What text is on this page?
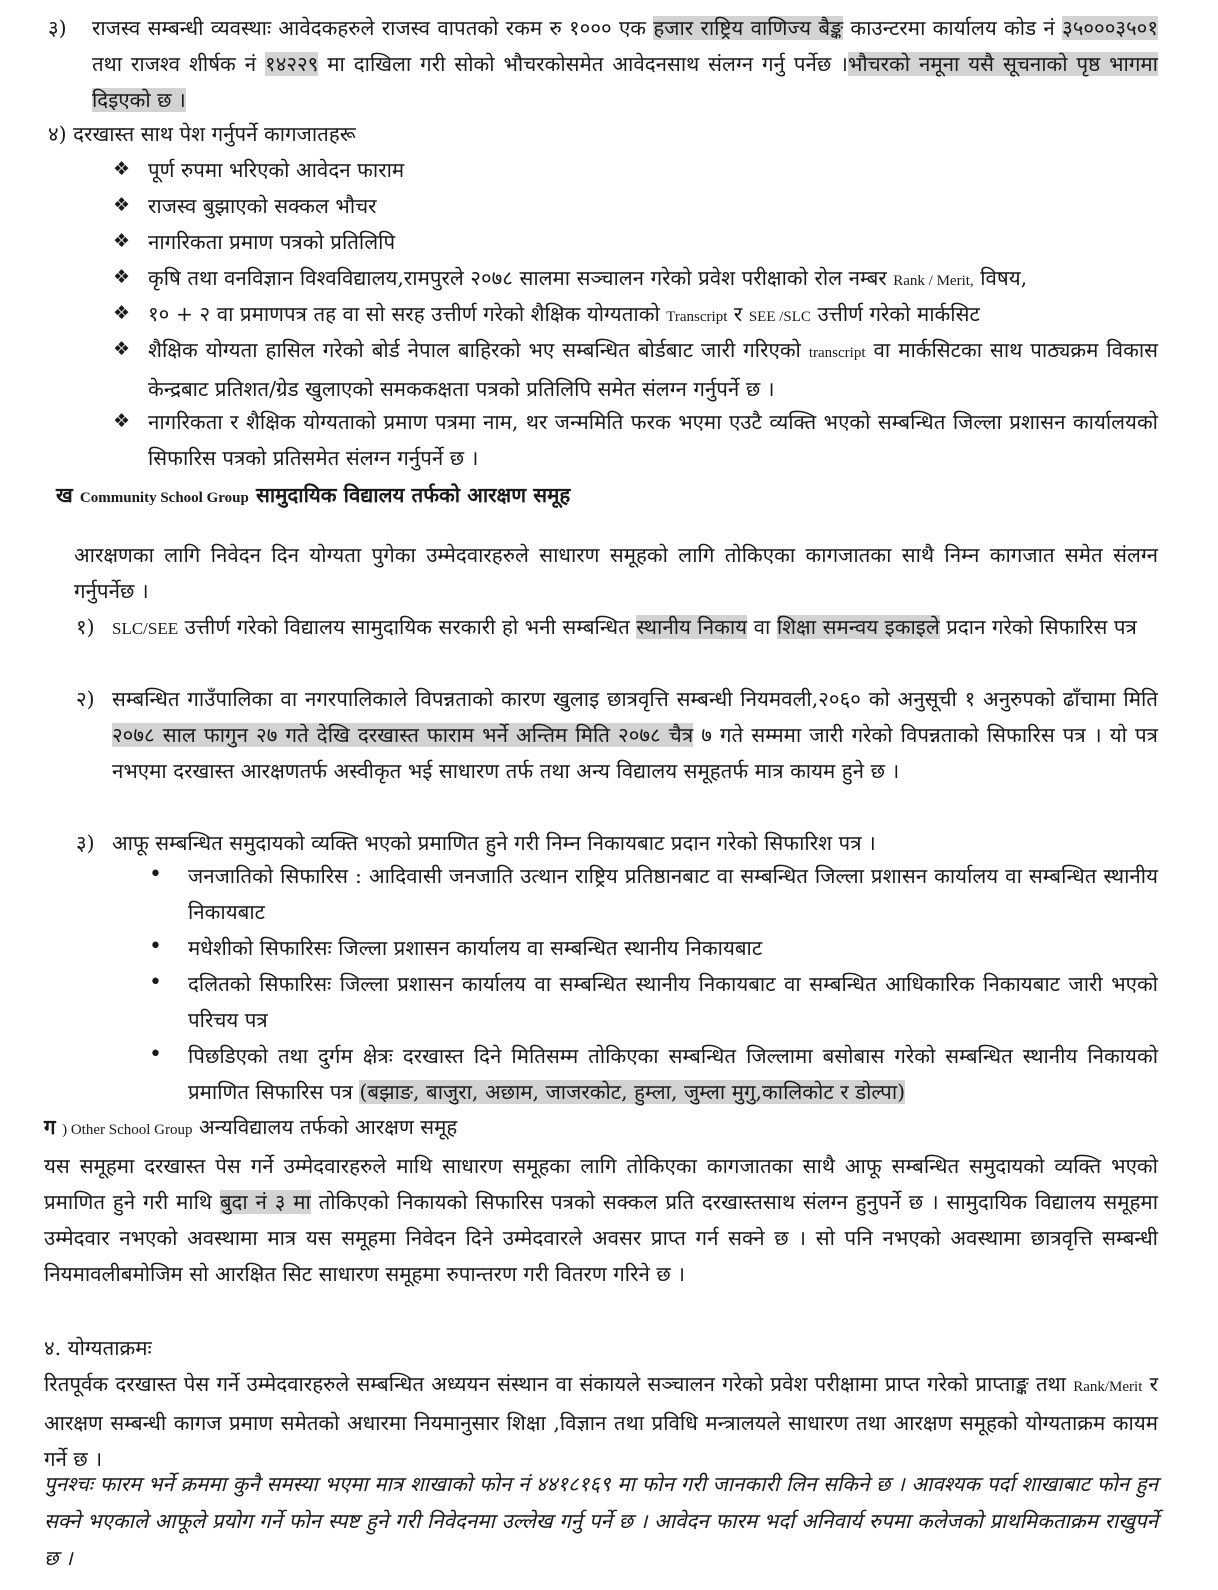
३)	राजस्व सम्बन्धी व्यवस्थाः आवेदकहरुले राजस्व वापतको रकम रु १००० एक हजार राष्ट्रिय वाणिज्य बैङ्क काउन्टरमा कार्यालय कोड नं ३५०००३५०१ तथा राजश्व शीर्षक नं १४२२९ मा दाखिला गरी सोको भौचरकोसमेत आवेदनसाथ संलग्न गर्नु पर्नेछ ।भौचरको नमूना यसै सूचनाको पृष्ठ भागमा दिइएको छ ।
४) दरखास्त साथ पेश गर्नुपर्ने कागजातहरू
❖ पूर्ण रुपमा भरिएको आवेदन फाराम
❖ राजस्व बुझाएको सक्कल भौचर
❖ नागरिकता प्रमाण पत्रको प्रतिलिपि
❖ कृषि तथा वनविज्ञान विश्वविद्यालय,रामपुरले २०७८ सालमा सञ्चालन गरेको प्रवेश परीक्षाको रोल नम्बर Rank / Merit, विषय,
❖ १० + २ वा प्रमाणपत्र तह वा सो सरह उत्तीर्ण गरेको शैक्षिक योग्यताको Transcript र SEE /SLC उत्तीर्ण गरेको मार्कसिट
❖ शैक्षिक योग्यता हासिल गरेको बोर्ड नेपाल बाहिरको भए सम्बन्धित बोर्डबाट जारी गरिएको transcript वा मार्कसिटका साथ पाठ्यक्रम विकास केन्द्रबाट प्रतिशत/ग्रेड खुलाएको समककक्षता पत्रको प्रतिलिपि समेत संलग्न गर्नुपर्ने छ ।
❖ नागरिकता र शैक्षिक योग्यताको प्रमाण पत्रमा नाम, थर जन्ममिति फरक भएमा एउटै व्यक्ति भएको सम्बन्धित जिल्ला प्रशासन कार्यालयको सिफारिस पत्रको प्रतिसमेत संलग्न गर्नुपर्ने छ ।
ख Community School Group सामुदायिक विद्यालय तर्फको आरक्षण समूह
आरक्षणका लागि निवेदन दिन योग्यता पुगेका उम्मेदवारहरुले साधारण समूहको लागि तोकिएका कागजातका साथै निम्न कागजात समेत संलग्न गर्नुपर्नेछ ।
१) SLC/SEE उत्तीर्ण गरेको विद्यालय सामुदायिक सरकारी हो भनी सम्बन्धित स्थानीय निकाय वा शिक्षा समन्वय इकाइले प्रदान गरेको सिफारिस पत्र
२) सम्बन्धित गाउँपालिका वा नगरपालिकाले विपन्नताको कारण खुलाइ छात्रवृत्ति सम्बन्धी नियमवली,२०६० को अनुसूची १ अनुरुपको ढाँचामा मिति २०७८ साल फागुन २७ गते देखि दरखास्त फाराम भर्ने अन्तिम मिति २०७८ चैत्र ७ गते सम्ममा जारी गरेको विपन्नताको सिफारिस पत्र । यो पत्र नभएमा दरखास्त आरक्षणतर्फ अस्वीकृत भई साधारण तर्फ तथा अन्य विद्यालय समूहतर्फ मात्र कायम हुने छ ।
३) आफू सम्बन्धित समुदायको व्यक्ति भएको प्रमाणित हुने गरी निम्न निकायबाट प्रदान गरेको सिफारिश पत्र ।
• जनजातिको सिफारिस : आदिवासी जनजाति उत्थान राष्ट्रिय प्रतिष्ठानबाट वा सम्बन्धित जिल्ला प्रशासन कार्यालय वा सम्बन्धित स्थानीय निकायबाट
• मधेशीको सिफारिसः जिल्ला प्रशासन कार्यालय वा सम्बन्धित स्थानीय निकायबाट
• दलितको सिफारिसः जिल्ला प्रशासन कार्यालय वा सम्बन्धित स्थानीय निकायबाट वा सम्बन्धित आधिकारिक निकायबाट जारी भएको परिचय पत्र
• पिछडिएको तथा दुर्गम क्षेत्रः दरखास्त दिने मितिसम्म तोकिएका सम्बन्धित जिल्लामा बसोबास गरेको सम्बन्धित स्थानीय निकायको प्रमाणित सिफारिस पत्र (बझाङ, बाजुरा, अछाम, जाजरकोट, हुम्ला, जुम्ला मुगु,कालिकोट र डोल्पा)
ग ) Other School Group अन्यविद्यालय तर्फको आरक्षण समूह
यस समूहमा दरखास्त पेस गर्ने उम्मेदवारहरुले माथि साधारण समूहका लागि तोकिएका कागजातका साथै आफू सम्बन्धित समुदायको व्यक्ति भएको प्रमाणित हुने गरी माथि बुदा नं ३ मा तोकिएको निकायको सिफारिस पत्रको सक्कल प्रति दरखास्तसाथ संलग्न हुनुपर्ने छ । सामुदायिक विद्यालय समूहमा उम्मेदवार नभएको अवस्थामा मात्र यस समूहमा निवेदन दिने उम्मेदवारले अवसर प्राप्त गर्न सक्ने छ । सो पनि नभएको अवस्थामा छात्रवृत्ति सम्बन्धी नियमावलीबमोजिम सो आरक्षित सिट साधारण समूहमा रुपान्तरण गरी वितरण गरिने छ ।
४. योग्यताक्रमः
रितपूर्वक दरखास्त पेस गर्ने उम्मेदवारहरुले सम्बन्धित अध्ययन संस्थान वा संकायले सञ्चालन गरेको प्रवेश परीक्षामा प्राप्त गरेको प्राप्ताङ्क तथा Rank/Merit र आरक्षण सम्बन्धी कागज प्रमाण समेतको अधारमा नियमानुसार शिक्षा ,विज्ञान तथा प्रविधि मन्त्रालयले साधारण तथा आरक्षण समूहको योग्यताक्रम कायम गर्ने छ ।
पुनश्चः फारम भर्ने क्रममा कुनै समस्या भएमा मात्र शाखाको फोन नं ४४१८१६९ मा फोन गरी जानकारी लिन सकिने छ । आवश्यक पर्दा शाखाबाट फोन हुन सक्ने भएकाले आफूले प्रयोग गर्ने फोन स्पष्ट हुने गरी निवेदनमा उल्लेख गर्नु पर्ने छ । आवेदन फारम भर्दा अनिवार्य रुपमा कलेजको प्राथमिकताक्रम राखुपर्ने छ ।
